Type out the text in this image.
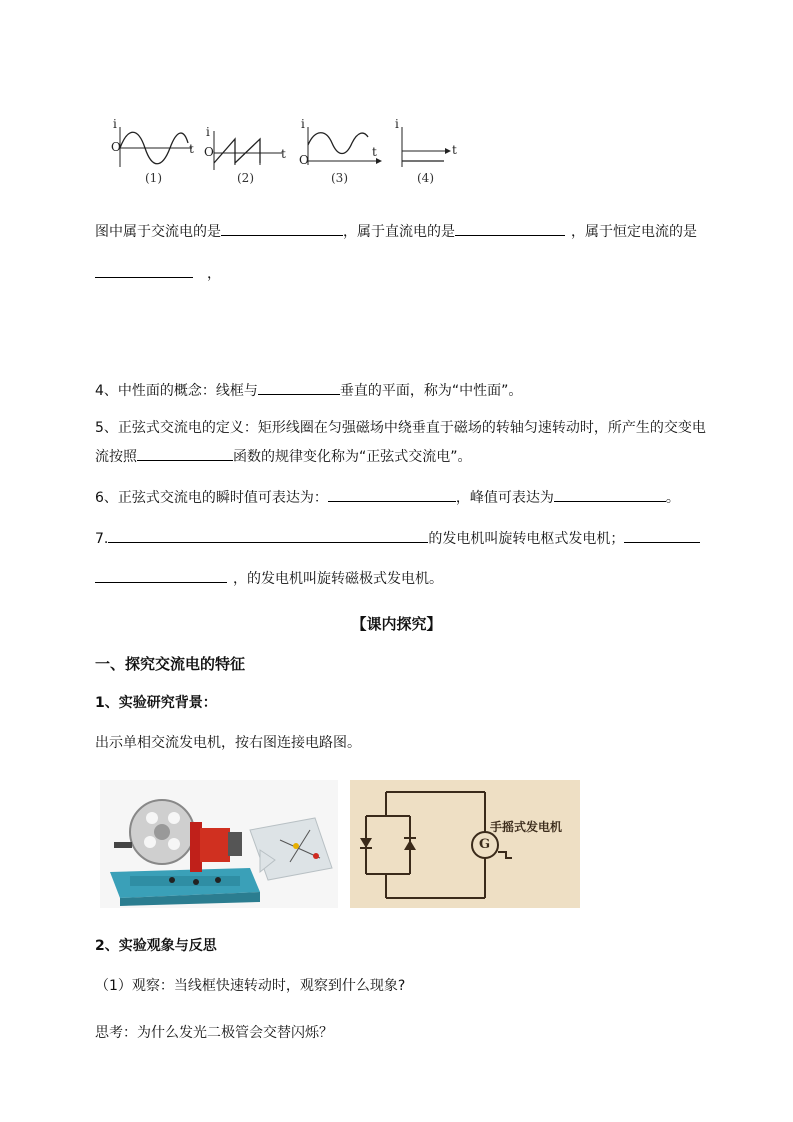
i
O	t
(1)
i
O	t
(2)
i
O
t
(3)
i
t
(4)
图中属于交流电的是	，属于直流电的是	，属于恒定电流的是
，
4、中性面的概念：线框与	垂直的平面，称为“中性面”。
5、正弦式交流电的定义：矩形线圈在匀强磁场中绕垂直于磁场的转轴匀速转动时，所产生的交变电
流按照	函数的规律变化称为“正弦式交流电”。
6、正弦式交流电的瞬时值可表达为：	，峰值可表达为	。
7.	的发电机叫旋转电枢式发电机；
，的发电机叫旋转磁极式发电机。
【课内探究】
一、探究交流电的特征
1、实验研究背景：
出示单相交流发电机，按右图连接电路图。
G
手摇式发电机
2、实验观象与反思
（1）观察：当线框快速转动时，观察到什么现象?
思考：为什么发光二极管会交替闪烁？
